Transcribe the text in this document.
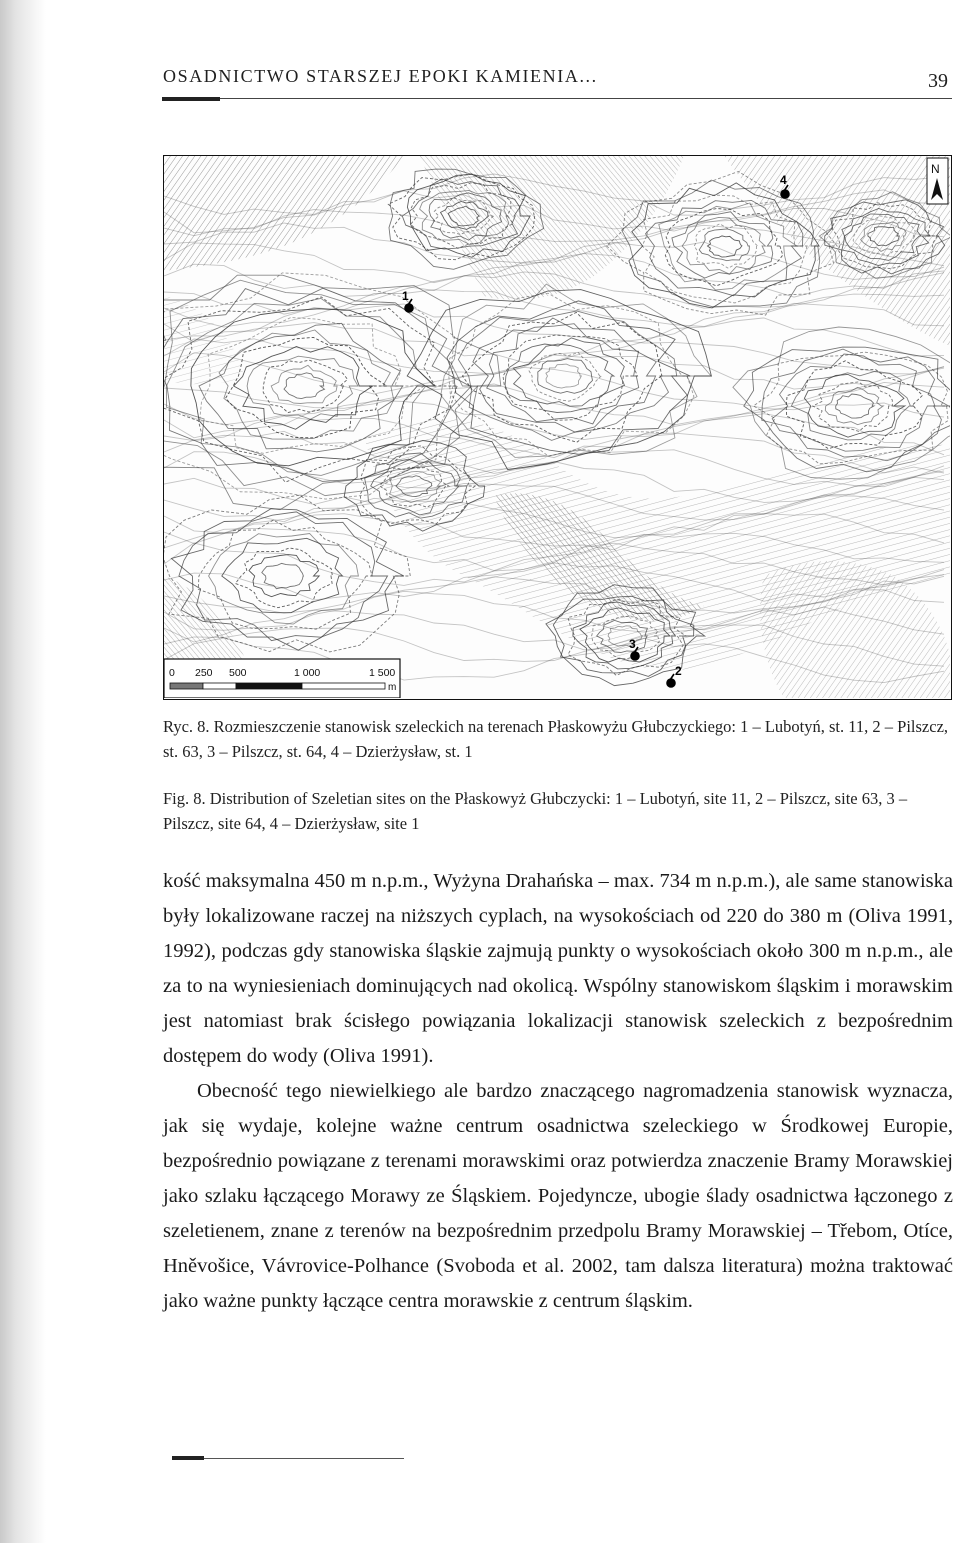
OSADNICTWO STARSZEJ EPOKI KAMIENIA...	39
1
2
3
4
N
0 250 500	1 000	1 500
m

Ryc. 8. Rozmieszczenie stanowisk szeleckich na terenach Płaskowyżu Głubczyckiego: 1 – Lubotyń, st. 11, 2 – Pilszcz, st. 63, 3 – Pilszcz, st. 64, 4 – Dzierżysław, st. 1

Fig. 8. Distribution of Szeletian sites on the Płaskowyż Głubczycki: 1 – Lubotyń, site 11, 2 – Pilszcz, site 63, 3 – Pilszcz, site 64, 4 – Dzierżysław, site 1

kość maksymalna 450 m n.p.m., Wyżyna Drahańska – max. 734 m n.p.m.), ale same stanowiska były lokalizowane raczej na niższych cyplach, na wysokościach od 220 do 380 m (Oliva 1991, 1992), podczas gdy stanowiska śląskie zajmują punkty o wysokościach około 300 m n.p.m., ale za to na wyniesieniach dominujących nad okolicą. Wspólny stanowiskom śląskim i morawskim jest natomiast brak ścisłego powiązania lokalizacji stanowisk szeleckich z bezpośrednim dostępem do wody (Oliva 1991).

Obecność tego niewielkiego ale bardzo znaczącego nagromadzenia stanowisk wyznacza, jak się wydaje, kolejne ważne centrum osadnictwa szeleckiego w Środkowej Europie, bezpośrednio powiązane z terenami morawskimi oraz potwierdza znaczenie Bramy Morawskiej jako szlaku łączącego Morawy ze Śląskiem. Pojedyncze, ubogie ślady osadnictwa łączonego z szeletienem, znane z terenów na bezpośrednim przedpolu Bramy Morawskiej – Třebom, Otíce, Hněvošice, Vávrovice-Polhance (Svoboda et al. 2002, tam dalsza literatura) można traktować jako ważne punkty łączące centra morawskie z centrum śląskim.
